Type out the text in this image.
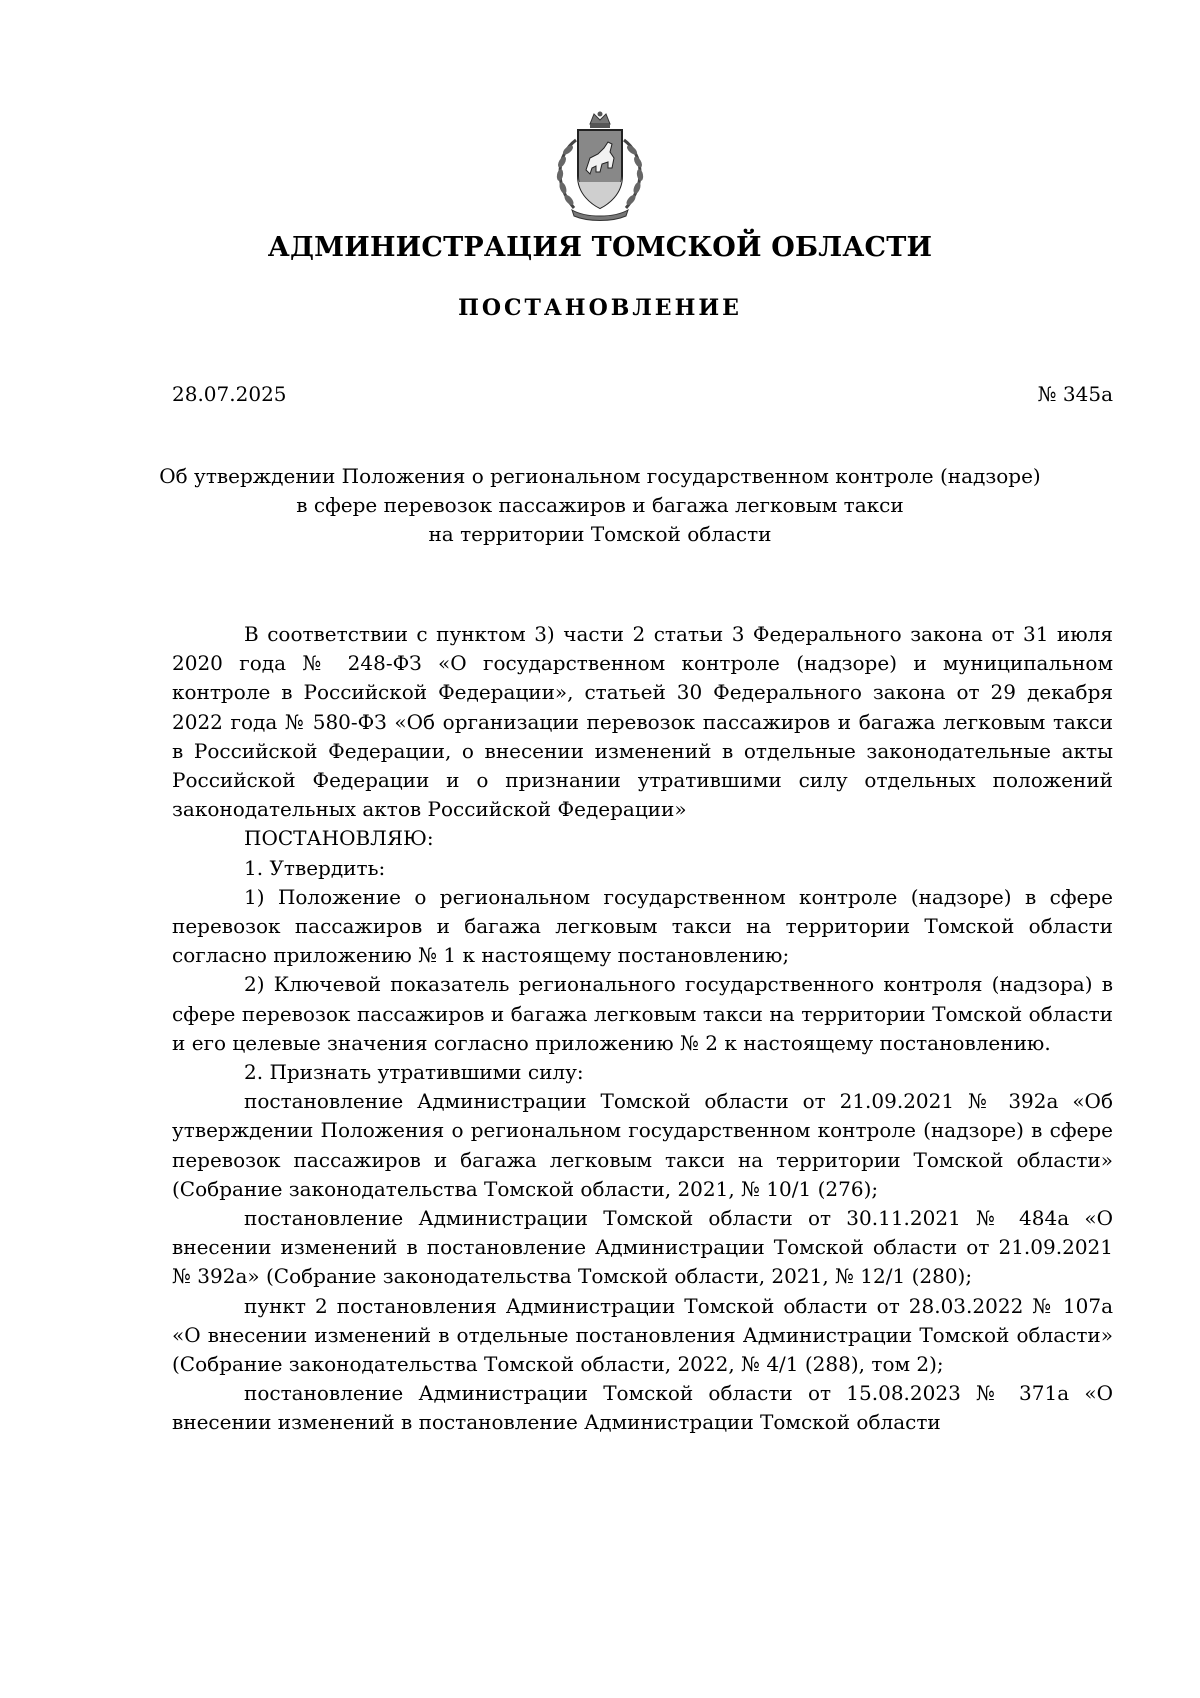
АДМИНИСТРАЦИЯ ТОМСКОЙ ОБЛАСТИ
ПОСТАНОВЛЕНИЕ
28.07.2025	№ 345а
Об утверждении Положения о региональном государственном контроле (надзоре)
в сфере перевозок пассажиров и багажа легковым такси
на территории Томской области

В соответствии с пунктом 3) части 2 статьи 3 Федерального закона от 31 июля 2020 года № 248-ФЗ «О государственном контроле (надзоре) и муниципальном контроле в Российской Федерации», статьей 30 Федерального закона от 29 декабря 2022 года № 580-ФЗ «Об организации перевозок пассажиров и багажа легковым такси в Российской Федерации, о внесении изменений в отдельные законодательные акты Российской Федерации и о признании утратившими силу отдельных положений законодательных актов Российской Федерации»

ПОСТАНОВЛЯЮ:

1. Утвердить:

1) Положение о региональном государственном контроле (надзоре) в сфере перевозок пассажиров и багажа легковым такси на территории Томской области согласно приложению № 1 к настоящему постановлению;

2) Ключевой показатель регионального государственного контроля (надзора) в сфере перевозок пассажиров и багажа легковым такси на территории Томской области и его целевые значения согласно приложению № 2 к настоящему постановлению.

2. Признать утратившими силу:

постановление Администрации Томской области от 21.09.2021 № 392а «Об утверждении Положения о региональном государственном контроле (надзоре) в сфере перевозок пассажиров и багажа легковым такси на территории Томской области» (Собрание законодательства Томской области, 2021, № 10/1 (276);

постановление Администрации Томской области от 30.11.2021 № 484а «О внесении изменений в постановление Администрации Томской области от 21.09.2021 № 392а» (Собрание законодательства Томской области, 2021, № 12/1 (280);

пункт 2 постановления Администрации Томской области от 28.03.2022 № 107а «О внесении изменений в отдельные постановления Администрации Томской области» (Собрание законодательства Томской области, 2022, № 4/1 (288), том 2);

постановление Администрации Томской области от 15.08.2023 № 371а «О внесении изменений в постановление Администрации Томской области
